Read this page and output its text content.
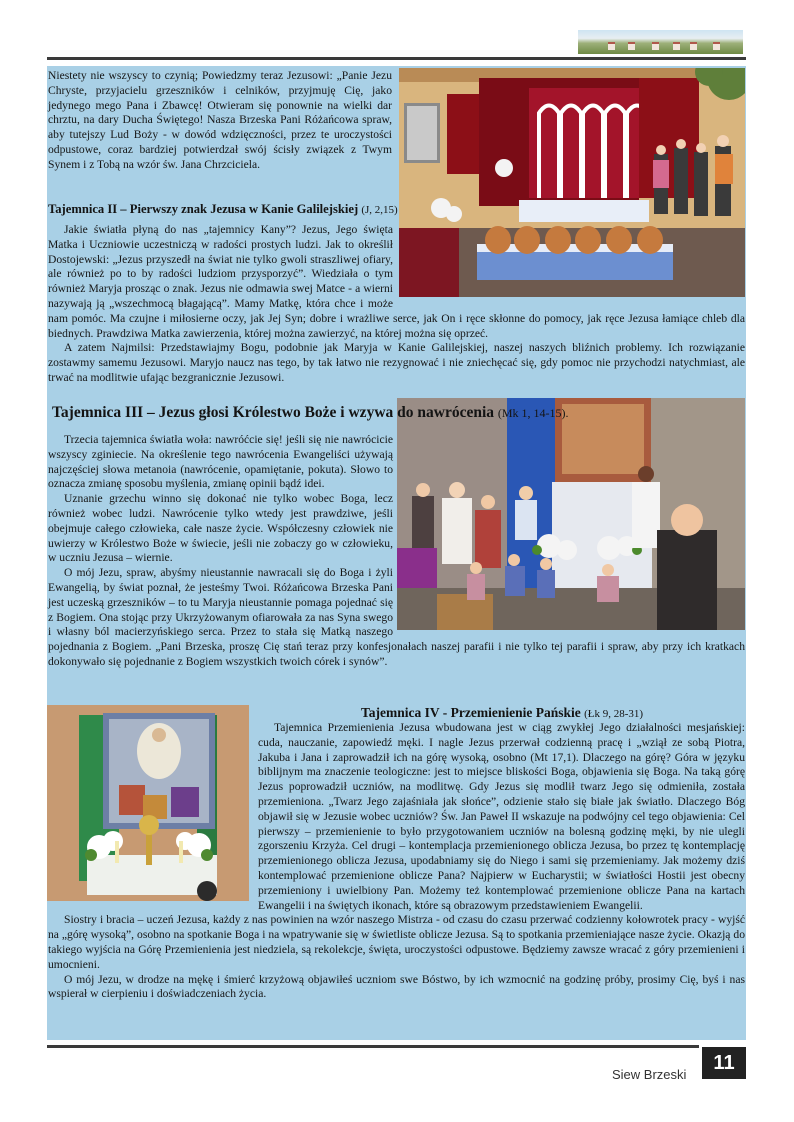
Niestety nie wszyscy to czynią; Powiedzmy teraz Jezusowi: „Panie Jezu Chryste, przyjacielu grzeszników i celników, przyjmuję Cię, jako jedynego mego Pana i Zbawcę! Otwieram się ponownie na wielki dar chrztu, na dary Ducha Świętego! Nasza Brzeska Pani Różańcowa spraw, aby tutejszy Lud Boży - w dowód wdzięczności, przez te uroczystości odpustowe, coraz bardziej potwierdzał swój ścisły związek z Twym Synem i z Tobą na wzór św. Jana Chrzciciela.

Tajemnica II – Pierwszy znak Jezusa w Kanie Galilejskiej (J, 2,15)

Jakie światła płyną do nas „tajemnicy Kany”? Jezus, Jego święta Matka i Uczniowie uczestniczą w radości prostych ludzi. Jak to określił Dostojewski: „Jezus przyszedł na świat nie tylko gwoli straszliwej ofiary, ale również po to by radości ludziom przysporzyć”. Wiedziała o tym również Maryja prosząc o znak. Jezus nie odmawia swej Matce - a wierni nazywają ją „wszechmocą błagającą”. Mamy Matkę, która chce i może nam pomóc. Ma czujne i miłosierne oczy, jak Jej Syn; dobre i wrażliwe serce, jak On i ręce skłonne do pomocy, jak ręce Jezusa łamiące chleb dla biednych. Prawdziwa Matka zawierzenia, której można zawierzyć, na której można się oprzeć.

A zatem Najmilsi: Przedstawiajmy Bogu, podobnie jak Maryja w Kanie Galilejskiej, naszej naszych bliźnich problemy. Ich rozwiązanie zostawmy samemu Jezusowi. Maryjo naucz nas tego, by tak łatwo nie rezygnować i nie zniechęcać się, gdy pomoc nie przychodzi natychmiast, ale trwać na modlitwie ufając bezgranicznie Jezusowi.

Tajemnica III – Jezus głosi Królestwo Boże i wzywa do nawrócenia (Mk 1, 14-15).

Trzecia tajemnica światła woła: nawróćcie się! jeśli się nie nawrócicie wszyscy zginiecie. Na określenie tego nawrócenia Ewangeliści używają najczęściej słowa metanoia (nawrócenie, opamiętanie, pokuta). Słowo to oznacza zmianę sposobu myślenia, zmianę opinii bądź idei.

Uznanie grzechu winno się dokonać nie tylko wobec Boga, lecz również wobec ludzi. Nawrócenie tylko wtedy jest prawdziwe, jeśli obejmuje całego człowieka, całe nasze życie. Współczesny człowiek nie uwierzy w Królestwo Boże w świecie, jeśli nie zobaczy go w człowieku, w uczniu Jezusa – wiernie.

O mój Jezu, spraw, abyśmy nieustannie nawracali się do Boga i żyli Ewangelią, by świat poznał, że jesteśmy Twoi. Różańcowa Brzeska Pani jest uczeską grzeszników – to tu Maryja nieustannie pomaga pojednać się z Bogiem. Ona stojąc przy Ukrzyżowanym ofiarowała za nas Syna swego i własny ból macierzyńskiego serca. Przez to stała się Matką naszego pojednania z Bogiem. „Pani Brzeska, proszę Cię stań teraz przy konfesjonałach naszej parafii i nie tylko tej parafii i spraw, aby przy ich kratkach dokonywało się pojednanie z Bogiem wszystkich twoich córek i synów”.

Tajemnica IV - Przemienienie Pańskie (Łk 9, 28-31)

Tajemnica Przemienienia Jezusa wbudowana jest w ciąg zwykłej Jego działalności mesjańskiej: cuda, nauczanie, zapowiedź męki. I nagle Jezus przerwał codzienną pracę i „wziął ze sobą Piotra, Jakuba i Jana i zaprowadził ich na górę wysoką, osobno (Mt 17,1). Dlaczego na górę? Góra w języku biblijnym ma znaczenie teologiczne: jest to miejsce bliskości Boga, objawienia się Boga. Na taką górę Jezus poprowadził uczniów, na modlitwę. Gdy Jezus się modlił twarz Jego się odmieniła, została przemieniona. „Twarz Jego zajaśniała jak słońce”, odzienie stało się białe jak światło. Dlaczego Bóg objawił się w Jezusie wobec uczniów? Św. Jan Paweł II wskazuje na podwójny cel tego objawienia: Cel pierwszy – przemienienie to było przygotowaniem uczniów na bolesną godzinę męki, by nie ulegli zgorszeniu Krzyża. Cel drugi – kontemplacja przemienionego oblicza Jezusa, bo przez tę kontemplację przemienionego oblicza Jezusa, upodabniamy się do Niego i sami się przemieniamy. Jak możemy dziś kontemplować przemienione oblicze Pana? Najpierw w Eucharystii; w światłości Hostii jest obecny przemieniony i uwielbiony Pan. Możemy też kontemplować przemienione oblicze Pana na kartach Ewangelii i na świętych ikonach, które są obrazowym przedstawieniem Ewangelii.

Siostry i bracia – uczeń Jezusa, każdy z nas powinien na wzór naszego Mistrza - od czasu do czasu przerwać codzienny kołowrotek pracy - wyjść na „górę wysoką”, osobno na spotkanie Boga i na wpatrywanie się w świetliste oblicze Jezusa. Są to spotkania przemieniające nasze życie. Okazją do takiego wyjścia na Górę Przemienienia jest niedziela, są rekolekcje, święta, uroczystości odpustowe. Będziemy zawsze wracać z góry przemienieni i umocnieni.

O mój Jezu, w drodze na mękę i śmierć krzyżową objawiłeś uczniom swe Bóstwo, by ich wzmocnić na godzinę próby, prosimy Cię, byś i nas wspierał w cierpieniu i doświadczeniach życia.

Siew Brzeski
11
